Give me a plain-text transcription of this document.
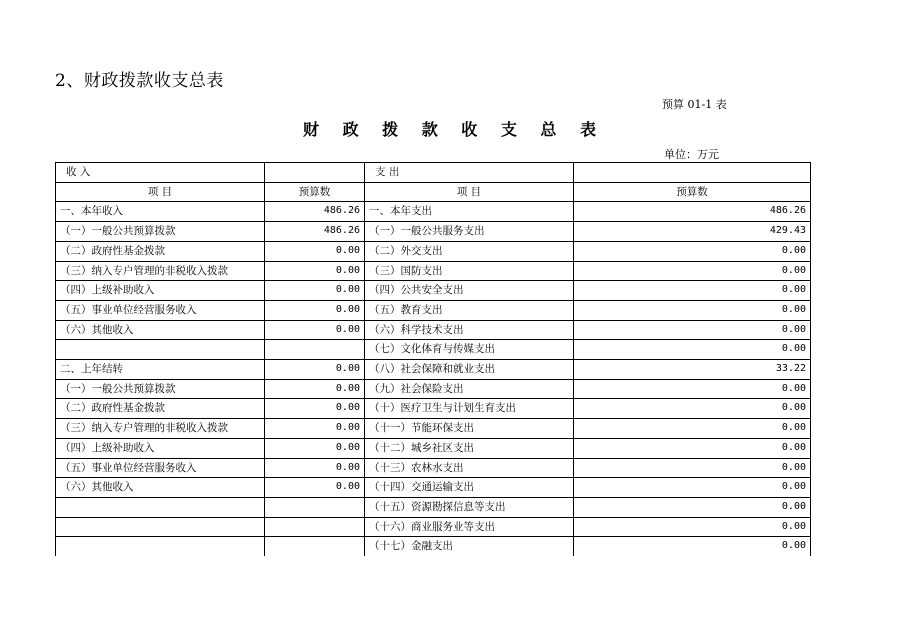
2、财政拨款收支总表
预算 01-1 表
财 政 拨 款 收 支 总 表
单位：万元
收 入		支 出	
项 目	预算数	项 目	预算数
一、本年收入	486.26	一、本年支出	486.26
（一）一般公共预算拨款	486.26	（一）一般公共服务支出	429.43
（二）政府性基金拨款	0.00	（二）外交支出	0.00
（三）纳入专户管理的非税收入拨款	0.00	（三）国防支出	0.00
（四）上级补助收入	0.00	（四）公共安全支出	0.00
（五）事业单位经营服务收入	0.00	（五）教育支出	0.00
（六）其他收入	0.00	（六）科学技术支出	0.00
		（七）文化体育与传媒支出	0.00
二、上年结转	0.00	（八）社会保障和就业支出	33.22
（一）一般公共预算拨款	0.00	（九）社会保险支出	0.00
（二）政府性基金拨款	0.00	（十）医疗卫生与计划生育支出	0.00
（三）纳入专户管理的非税收入拨款	0.00	（十一）节能环保支出	0.00
（四）上级补助收入	0.00	（十二）城乡社区支出	0.00
（五）事业单位经营服务收入	0.00	（十三）农林水支出	0.00
（六）其他收入	0.00	（十四）交通运输支出	0.00
		（十五）资源勘探信息等支出	0.00
		（十六）商业服务业等支出	0.00
		（十七）金融支出	0.00
